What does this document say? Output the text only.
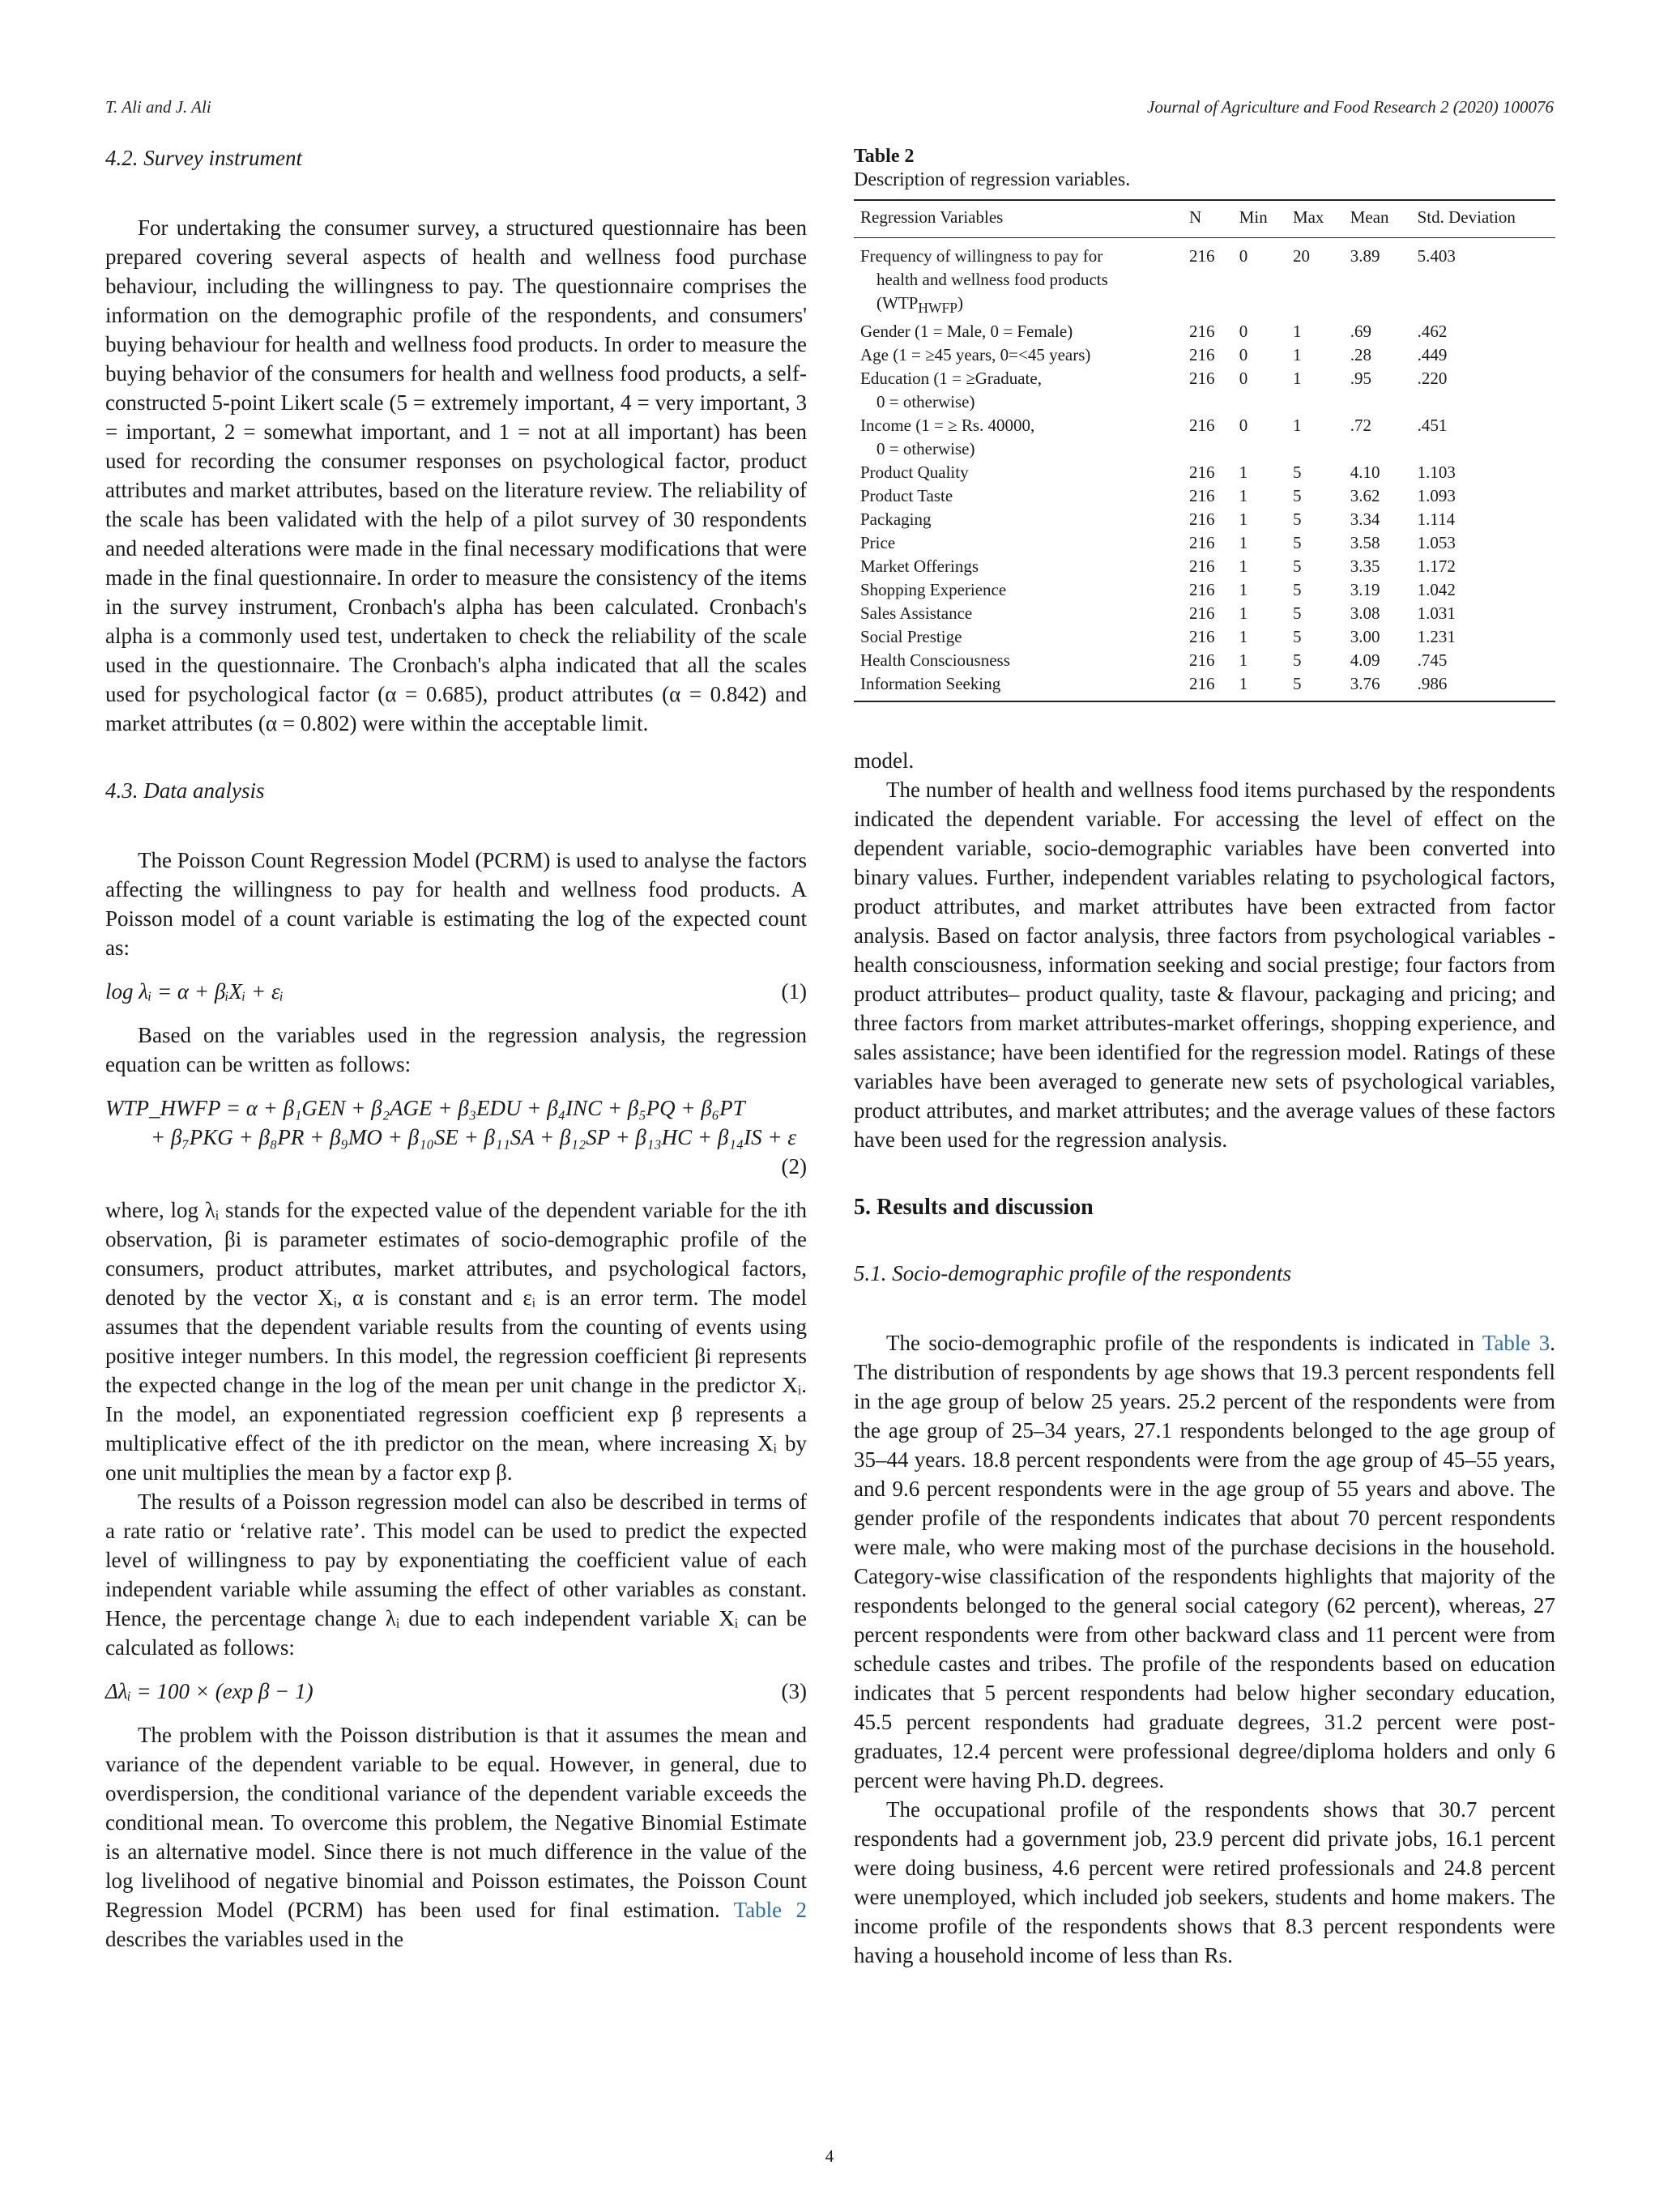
T. Ali and J. Ali	Journal of Agriculture and Food Research 2 (2020) 100076
4.2. Survey instrument

For undertaking the consumer survey, a structured questionnaire has been prepared covering several aspects of health and wellness food purchase behaviour, including the willingness to pay. The questionnaire comprises the information on the demographic profile of the respondents, and consumers' buying behaviour for health and wellness food products. In order to measure the buying behavior of the consumers for health and wellness food products, a self-constructed 5-point Likert scale (5 = extremely important, 4 = very important, 3 = important, 2 = somewhat important, and 1 = not at all important) has been used for recording the consumer responses on psychological factor, product attributes and market attributes, based on the literature review. The reliability of the scale has been validated with the help of a pilot survey of 30 respondents and needed alterations were made in the final necessary modifications that were made in the final questionnaire. In order to measure the consistency of the items in the survey instrument, Cronbach's alpha has been calculated. Cronbach's alpha is a commonly used test, undertaken to check the reliability of the scale used in the questionnaire. The Cronbach's alpha indicated that all the scales used for psychological factor (α = 0.685), product attributes (α = 0.842) and market attributes (α = 0.802) were within the acceptable limit.

4.3. Data analysis

The Poisson Count Regression Model (PCRM) is used to analyse the factors affecting the willingness to pay for health and wellness food products. A Poisson model of a count variable is estimating the log of the expected count as:

log λᵢ = α + βᵢXᵢ + εᵢ	(1)

Based on the variables used in the regression analysis, the regression equation can be written as follows:

WTP_HWFP = α + β₁GEN + β₂AGE + β₃EDU + β₄INC + β₅PQ + β₆PT
+ β₇PKG + β₈PR + β₉MO + β₁₀SE + β₁₁SA + β₁₂SP + β₁₃HC + β₁₄IS + ε
(2)

where, log λᵢ stands for the expected value of the dependent variable for the ith observation, βi is parameter estimates of socio-demographic profile of the consumers, product attributes, market attributes, and psychological factors, denoted by the vector Xᵢ, α is constant and εᵢ is an error term. The model assumes that the dependent variable results from the counting of events using positive integer numbers. In this model, the regression coefficient βi represents the expected change in the log of the mean per unit change in the predictor Xᵢ. In the model, an exponentiated regression coefficient exp β represents a multiplicative effect of the ith predictor on the mean, where increasing Xᵢ by one unit multiplies the mean by a factor exp β.

The results of a Poisson regression model can also be described in terms of a rate ratio or ‘relative rate’. This model can be used to predict the expected level of willingness to pay by exponentiating the coefficient value of each independent variable while assuming the effect of other variables as constant. Hence, the percentage change λᵢ due to each independent variable Xᵢ can be calculated as follows:

Δλᵢ = 100 × (exp β − 1)	(3)

The problem with the Poisson distribution is that it assumes the mean and variance of the dependent variable to be equal. However, in general, due to overdispersion, the conditional variance of the dependent variable exceeds the conditional mean. To overcome this problem, the Negative Binomial Estimate is an alternative model. Since there is not much difference in the value of the log livelihood of negative binomial and Poisson estimates, the Poisson Count Regression Model (PCRM) has been used for final estimation. Table 2 describes the variables used in the

Table 2
Description of regression variables.
Regression Variables	N	Min	Max	Mean	Std. Deviation

Frequency of willingness to pay for
health and wellness food products $(WTP_{HWFP})$	216	0	20	3.89	5.403

Gender (1 = Male, 0 = Female)	216	0	1	.69	.462

Age (1 = ≥45 years, 0=<45 years)	216	0	1	.28	.449

Education (1 = ≥Graduate,
0 = otherwise)	216	0	1	.95	.220

Income (1 = ≥ Rs. 40000,
0 = otherwise)	216	0	1	.72	.451

Product Quality	216	1	5	4.10	1.103

Product Taste	216	1	5	3.62	1.093

Packaging	216	1	5	3.34	1.114

Price	216	1	5	3.58	1.053

Market Offerings	216	1	5	3.35	1.172

Shopping Experience	216	1	5	3.19	1.042

Sales Assistance	216	1	5	3.08	1.031

Social Prestige	216	1	5	3.00	1.231

Health Consciousness	216	1	5	4.09	.745

Information Seeking	216	1	5	3.76	.986

model.

The number of health and wellness food items purchased by the respondents indicated the dependent variable. For accessing the level of effect on the dependent variable, socio-demographic variables have been converted into binary values. Further, independent variables relating to psychological factors, product attributes, and market attributes have been extracted from factor analysis. Based on factor analysis, three factors from psychological variables - health consciousness, information seeking and social prestige; four factors from product attributes– product quality, taste & flavour, packaging and pricing; and three factors from market attributes-market offerings, shopping experience, and sales assistance; have been identified for the regression model. Ratings of these variables have been averaged to generate new sets of psychological variables, product attributes, and market attributes; and the average values of these factors have been used for the regression analysis.

5. Results and discussion
5.1. Socio-demographic profile of the respondents

The socio-demographic profile of the respondents is indicated in Table 3. The distribution of respondents by age shows that 19.3 percent respondents fell in the age group of below 25 years. 25.2 percent of the respondents were from the age group of 25–34 years, 27.1 respondents belonged to the age group of 35–44 years. 18.8 percent respondents were from the age group of 45–55 years, and 9.6 percent respondents were in the age group of 55 years and above. The gender profile of the respondents indicates that about 70 percent respondents were male, who were making most of the purchase decisions in the household. Category-wise classification of the respondents highlights that majority of the respondents belonged to the general social category (62 percent), whereas, 27 percent respondents were from other backward class and 11 percent were from schedule castes and tribes. The profile of the respondents based on education indicates that 5 percent respondents had below higher secondary education, 45.5 percent respondents had graduate degrees, 31.2 percent were post-graduates, 12.4 percent were professional degree/diploma holders and only 6 percent were having Ph.D. degrees.

The occupational profile of the respondents shows that 30.7 percent respondents had a government job, 23.9 percent did private jobs, 16.1 percent were doing business, 4.6 percent were retired professionals and 24.8 percent were unemployed, which included job seekers, students and home makers. The income profile of the respondents shows that 8.3 percent respondents were having a household income of less than Rs.

4
